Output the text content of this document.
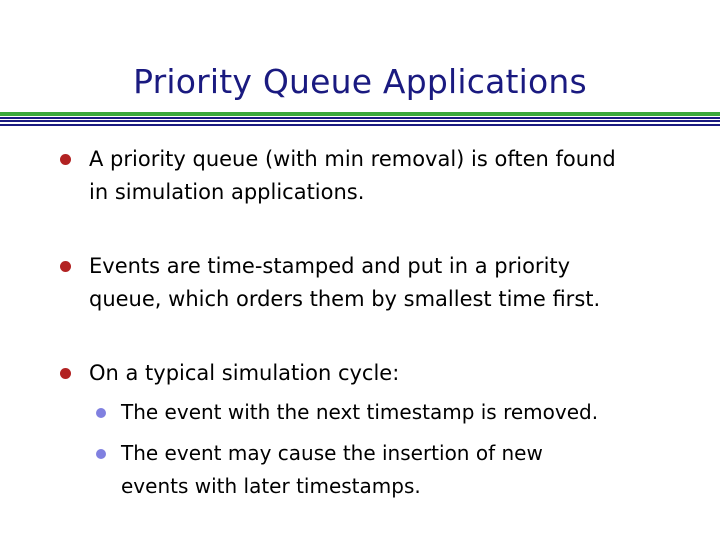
Priority Queue Applications
A priority queue (with min removal) is often found
in simulation applications.
Events are time-stamped and put in a priority
queue, which orders them by smallest time first.
On a typical simulation cycle:
The event with the next timestamp is removed.
The event may cause the insertion of new
events with later timestamps.
